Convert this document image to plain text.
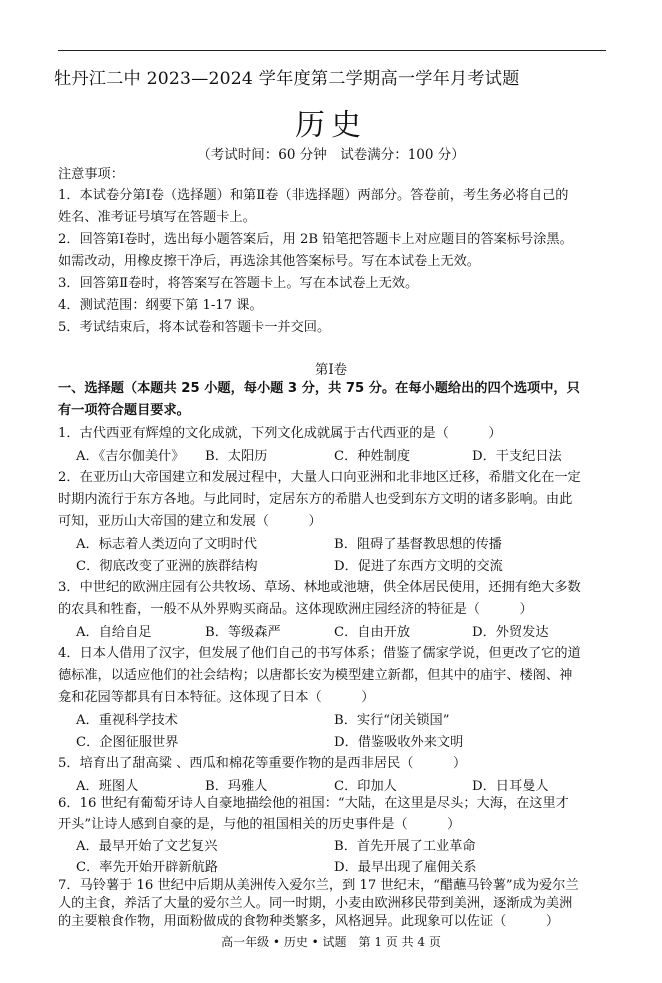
牡丹江二中 2023—2024 学年度第二学期高一学年月考试题
历史
（考试时间：60 分钟　试卷满分：100 分）
注意事项：
1．本试卷分第Ⅰ卷（选择题）和第Ⅱ卷（非选择题）两部分。答卷前，考生务必将自己的
姓名、准考证号填写在答题卡上。
2．回答第Ⅰ卷时，选出每小题答案后，用 2B 铅笔把答题卡上对应题目的答案标号涂黑。
如需改动，用橡皮擦干净后，再选涂其他答案标号。写在本试卷上无效。
3．回答第Ⅱ卷时，将答案写在答题卡上。写在本试卷上无效。
4．测试范围：纲要下第 1-17 课。
5．考试结束后，将本试卷和答题卡一并交回。
第Ⅰ卷
一、选择题（本题共 25 小题，每小题 3 分，共 75 分。在每小题给出的四个选项中，只
有一项符合题目要求。
1．古代西亚有辉煌的文化成就，下列文化成就属于古代西亚的是（　　　）
A．《吉尔伽美什》 B．太阳历	C．种姓制度	D．干支纪日法
2．在亚历山大帝国建立和发展过程中，大量人口向亚洲和北非地区迁移，希腊文化在一定
时期内流行于东方各地。与此同时，定居东方的希腊人也受到东方文明的诸多影响。由此
可知，亚历山大帝国的建立和发展（　　　）
A．标志着人类迈向了文明时代	B．阻碍了基督教思想的传播
C．彻底改变了亚洲的族群结构	D．促进了东西方文明的交流
3．中世纪的欧洲庄园有公共牧场、草场、林地或池塘，供全体居民使用，还拥有绝大多数
的农具和牲畜，一般不从外界购买商品。这体现欧洲庄园经济的特征是（　　　）
A．自给自足	B．等级森严	C．自由开放	D．外贸发达
4．日本人借用了汉字，但发展了他们自己的书写体系；借鉴了儒家学说，但更改了它的道
德标准，以适应他们的社会结构；以唐都长安为模型建立新都，但其中的庙宇、楼阁、神
龛和花园等都具有日本特征。这体现了日本（　　　）
A．重视科学技术	B．实行“闭关锁国”
C．企图征服世界	D．借鉴吸收外来文明
5．培育出了甜高粱 、西瓜和棉花等重要作物的是西非居民（　　　）
A．班图人	B．玛雅人	C．印加人	D．日耳曼人
6．16 世纪有葡萄牙诗人自豪地描绘他的祖国：“大陆，在这里是尽头；大海，在这里才
开头”让诗人感到自豪的是，与他的祖国相关的历史事件是（　　　）
A．最早开始了文艺复兴	B．首先开展了工业革命
C．率先开始开辟新航路	D．最早出现了雇佣关系
7．马铃薯于 16 世纪中后期从美洲传入爱尔兰，到 17 世纪末，“醋蘸马铃薯”成为爱尔兰
高一年级 • 历史 • 试题　第 1 页 共 4 页
人的主食，养活了大量的爱尔兰人。同一时期，小麦由欧洲移民带到美洲，逐渐成为美洲
的主要粮食作物，用面粉做成的食物种类繁多，风格迥异。此现象可以佐证（　　　）
